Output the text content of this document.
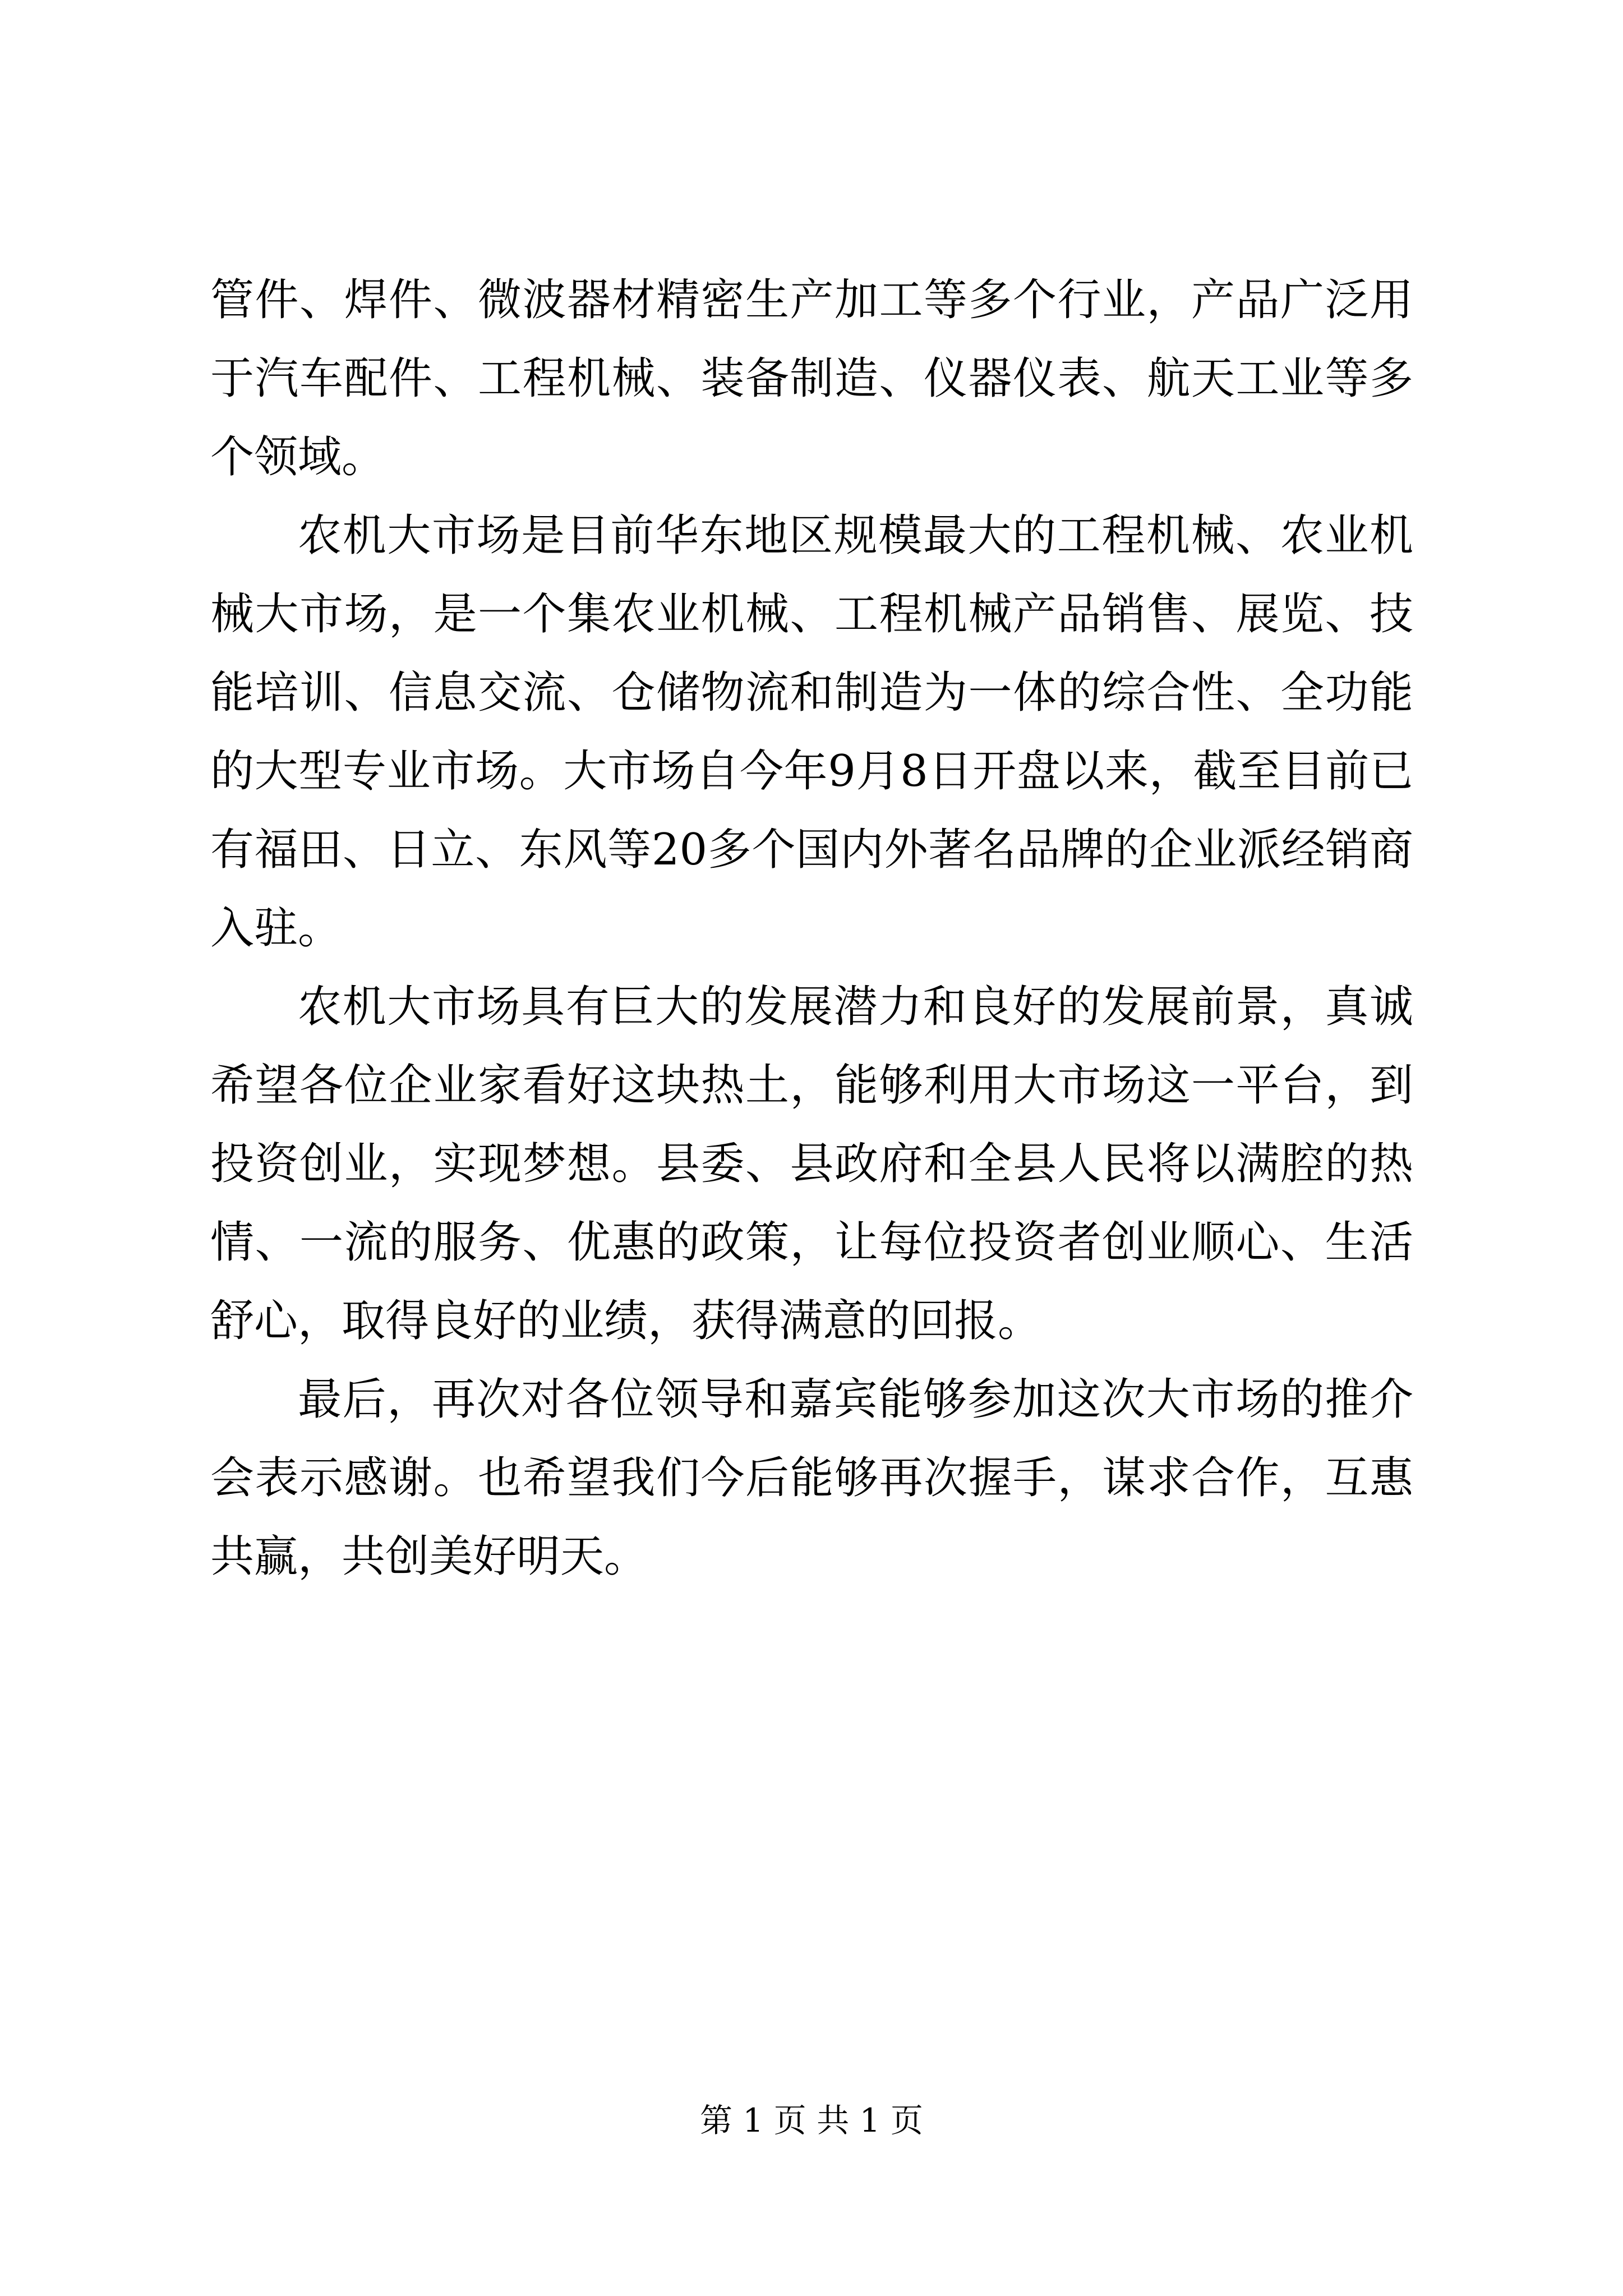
管件、焊件、微波器材精密生产加工等多个行业，产品广泛用于汽车配件、工程机械、装备制造、仪器仪表、航天工业等多个领域。

农机大市场是目前华东地区规模最大的工程机械、农业机械大市场，是一个集农业机械、工程机械产品销售、展览、技能培训、信息交流、仓储物流和制造为一体的综合性、全功能的大型专业市场。大市场自今年9月8日开盘以来，截至目前已有福田、日立、东风等20多个国内外著名品牌的企业派经销商入驻。

农机大市场具有巨大的发展潜力和良好的发展前景，真诚希望各位企业家看好这块热土，能够利用大市场这一平台，到投资创业，实现梦想。县委、县政府和全县人民将以满腔的热情、一流的服务、优惠的政策，让每位投资者创业顺心、生活舒心，取得良好的业绩，获得满意的回报。

最后，再次对各位领导和嘉宾能够参加这次大市场的推介会表示感谢。也希望我们今后能够再次握手，谋求合作，互惠共赢，共创美好明天。

第 1 页 共 1 页
